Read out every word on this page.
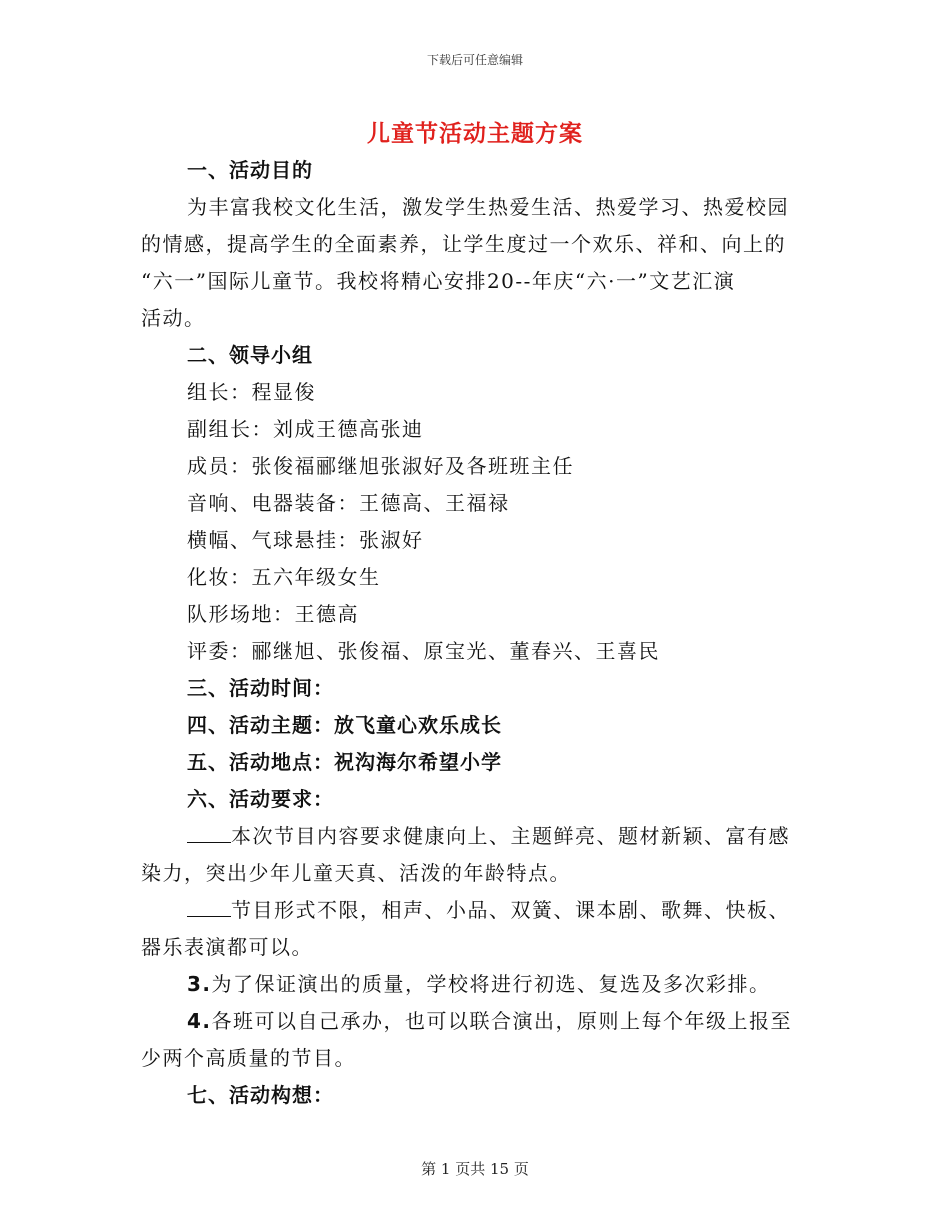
下载后可任意编辑
儿童节活动主题方案
一、活动目的
为丰富我校文化生活，激发学生热爱生活、热爱学习、热爱校园
的情感，提高学生的全面素养，让学生度过一个欢乐、祥和、向上的
“六一”国际儿童节。我校将精心安排20--年庆“六·一”文艺汇演
活动。
二、领导小组
组长：程显俊
副组长：刘成王德高张迪
成员：张俊福郦继旭张淑好及各班班主任
音响、电器装备：王德高、王福禄
横幅、气球悬挂：张淑好
化妆：五六年级女生
队形场地：王德高
评委：郦继旭、张俊福、原宝光、董春兴、王喜民
三、活动时间：
四、活动主题：放飞童心欢乐成长
五、活动地点：祝沟海尔希望小学
六、活动要求：
本次节目内容要求健康向上、主题鲜亮、题材新颖、富有感
染力，突出少年儿童天真、活泼的年龄特点。
节目形式不限，相声、小品、双簧、课本剧、歌舞、快板、
器乐表演都可以。
3.为了保证演出的质量，学校将进行初选、复选及多次彩排。
4.各班可以自己承办，也可以联合演出，原则上每个年级上报至
少两个高质量的节目。
七、活动构想：
第 1 页共 15 页
